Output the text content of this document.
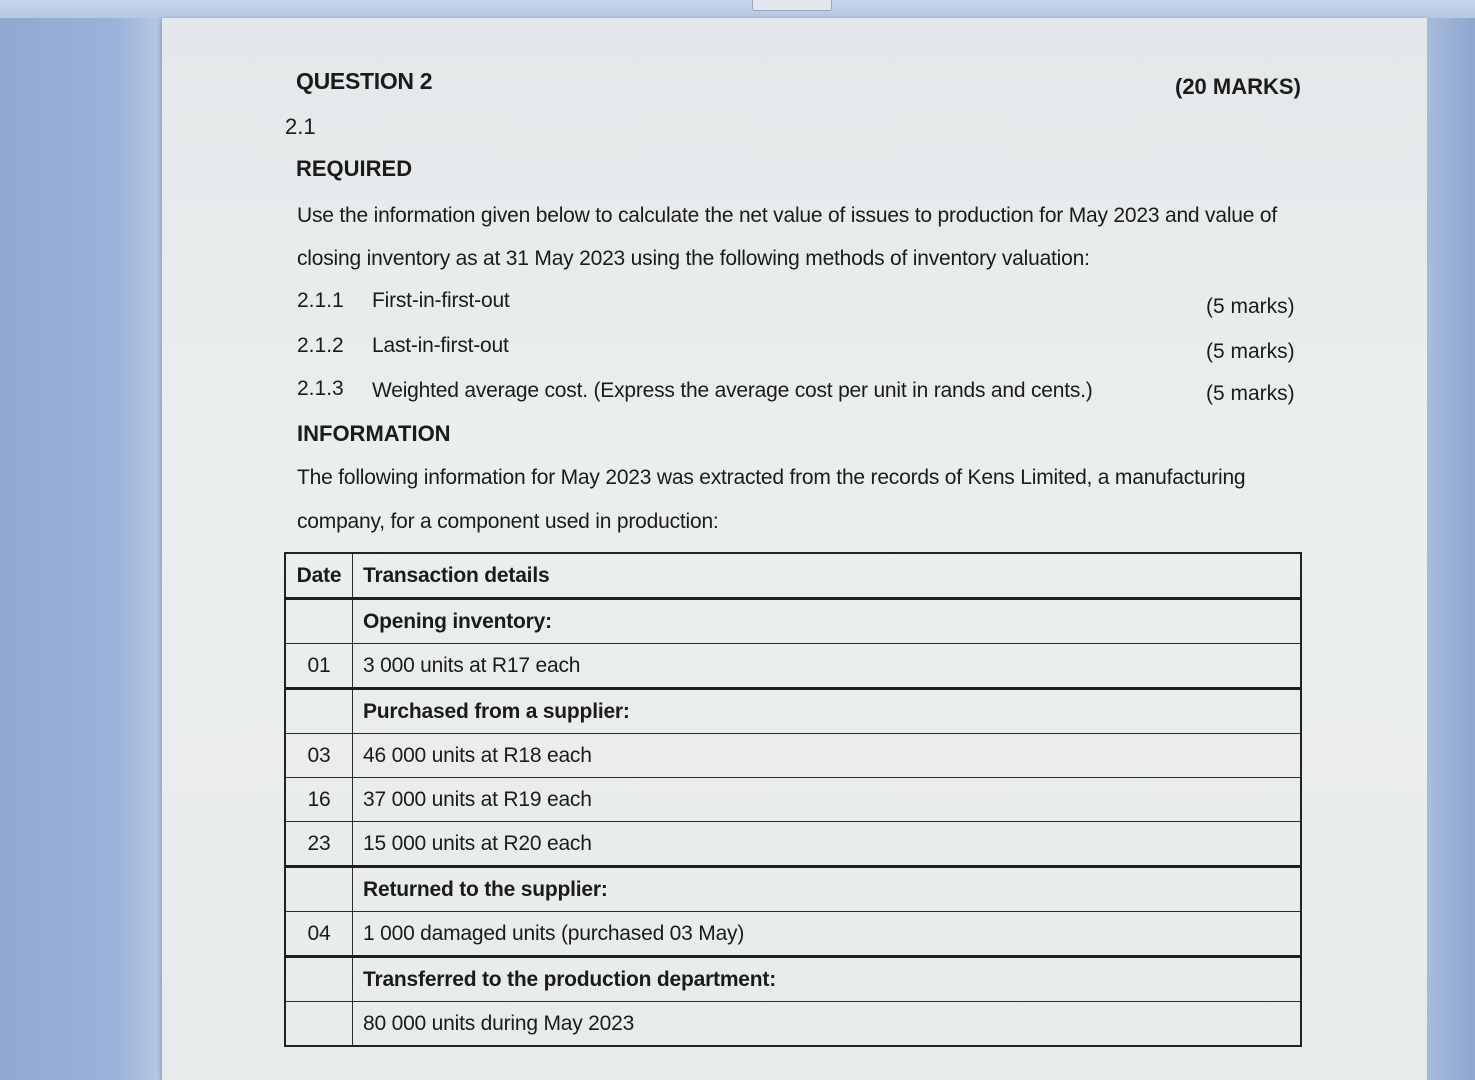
QUESTION 2	(20 MARKS)
2.1
REQUIRED
Use the information given below to calculate the net value of issues to production for May 2023 and value of
closing inventory as at 31 May 2023 using the following methods of inventory valuation:
2.1.1 First-in-first-out	(5 marks)
2.1.2 Last-in-first-out	(5 marks)
2.1.3 Weighted average cost. (Express the average cost per unit in rands and cents.)	(5 marks)
INFORMATION
The following information for May 2023 was extracted from the records of Kens Limited, a manufacturing
company, for a component used in production:
Date	Transaction details
	Opening inventory:
01	3 000 units at R17 each
	Purchased from a supplier:
03	46 000 units at R18 each
16	37 000 units at R19 each
23	15 000 units at R20 each
	Returned to the supplier:
04	1 000 damaged units (purchased 03 May)
	Transferred to the production department:
	80 000 units during May 2023
